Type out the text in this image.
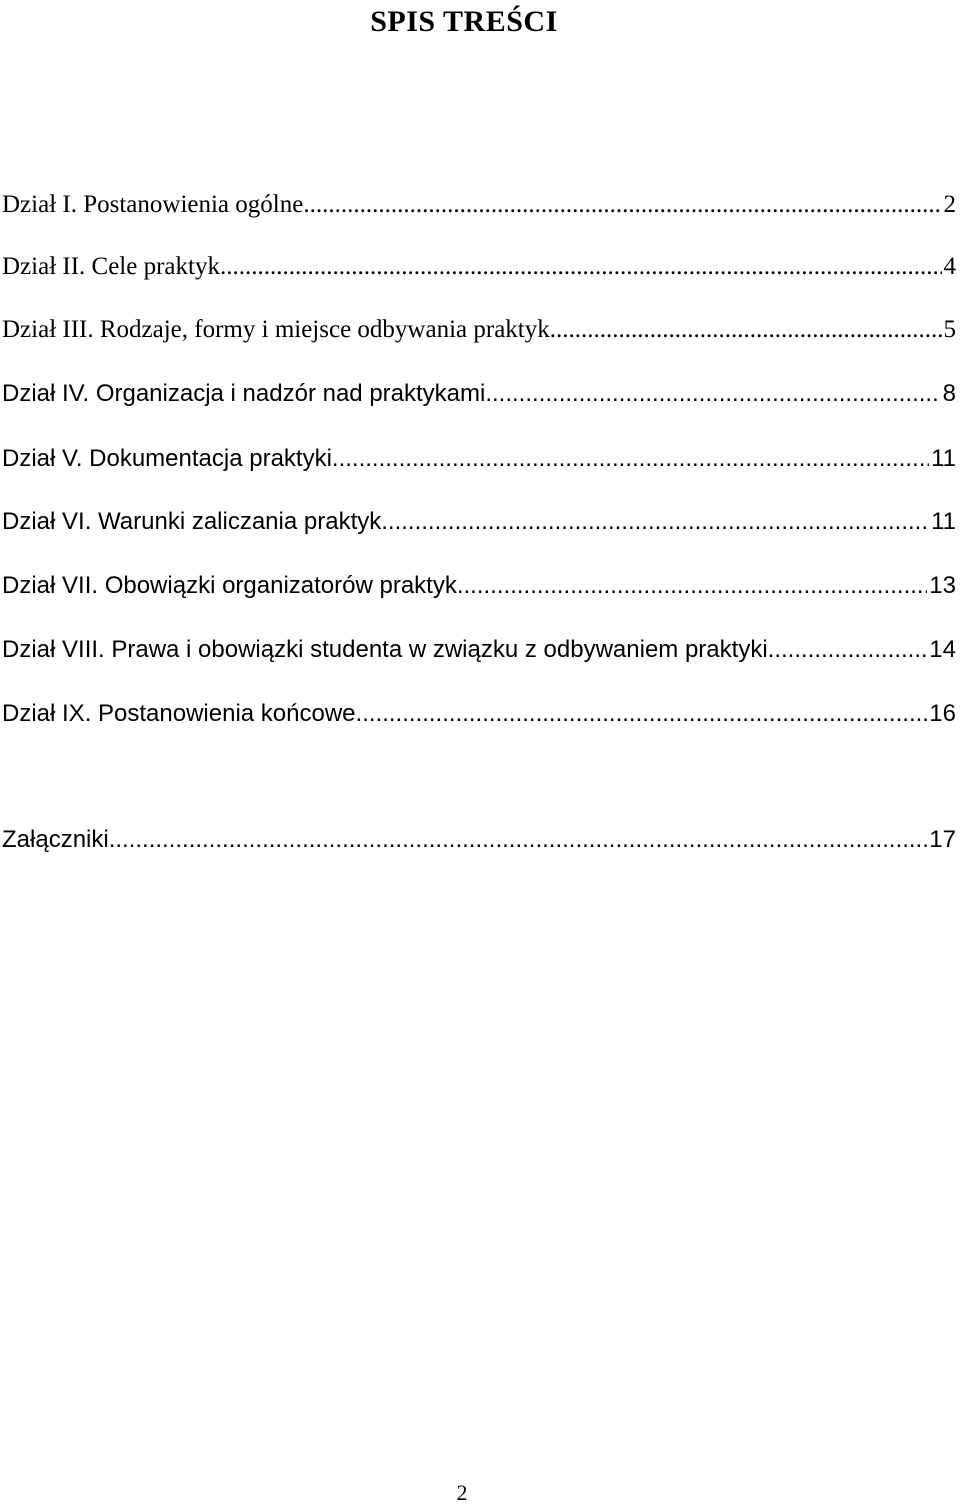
SPIS TREŚCI
Dział I. Postanowienia ogólne .....	2
Dział II. Cele praktyk .....	4
Dział III. Rodzaje, formy i miejsce odbywania praktyk .....	5
Dział IV. Organizacja i nadzór nad praktykami .....	8
Dział V. Dokumentacja praktyki .....	11
Dział VI. Warunki zaliczania praktyk .....	11
Dział VII. Obowiązki organizatorów praktyk .....	13
Dział VIII. Prawa i obowiązki studenta w związku z odbywaniem praktyki .....	14
Dział IX. Postanowienia końcowe .....	16
Załączniki .....	17
2
